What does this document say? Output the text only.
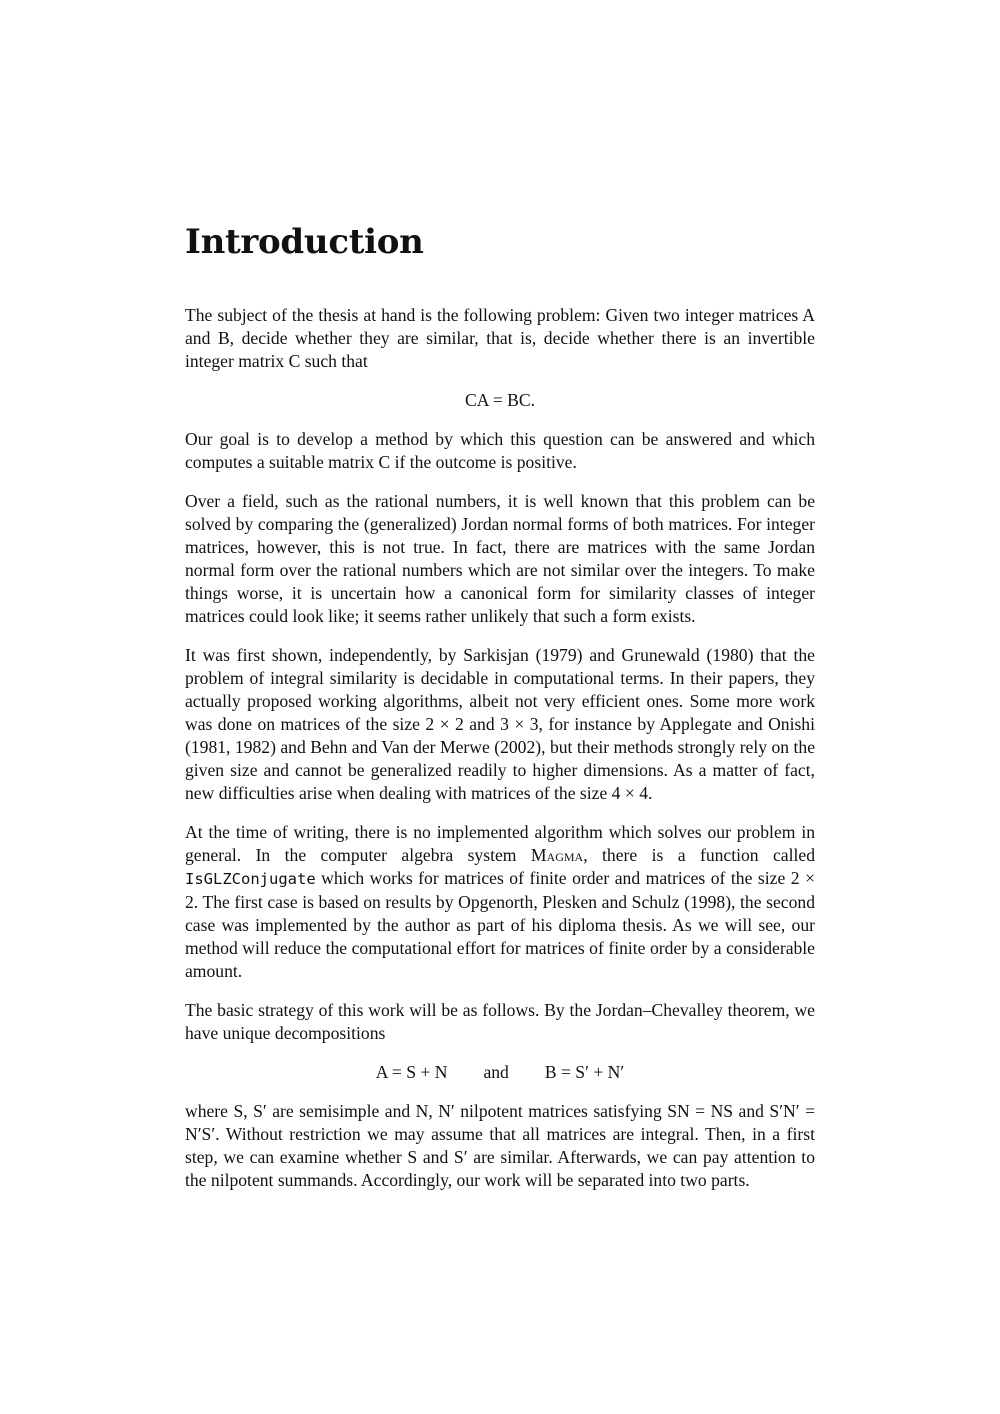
Introduction

The subject of the thesis at hand is the following problem: Given two integer matrices A and B, decide whether they are similar, that is, decide whether there is an invertible integer matrix C such that

CA = BC.

Our goal is to develop a method by which this question can be answered and which computes a suitable matrix C if the outcome is positive.

Over a field, such as the rational numbers, it is well known that this problem can be solved by comparing the (generalized) Jordan normal forms of both matrices. For integer matrices, however, this is not true. In fact, there are matrices with the same Jordan normal form over the rational numbers which are not similar over the integers. To make things worse, it is uncertain how a canonical form for similarity classes of integer matrices could look like; it seems rather unlikely that such a form exists.

It was first shown, independently, by Sarkisjan (1979) and Grunewald (1980) that the problem of integral similarity is decidable in computational terms. In their papers, they actually proposed working algorithms, albeit not very efficient ones. Some more work was done on matrices of the size 2 × 2 and 3 × 3, for instance by Applegate and Onishi (1981, 1982) and Behn and Van der Merwe (2002), but their methods strongly rely on the given size and cannot be generalized readily to higher dimensions. As a matter of fact, new difficulties arise when dealing with matrices of the size 4 × 4.

At the time of writing, there is no implemented algorithm which solves our problem in general. In the computer algebra system Magma, there is a function called IsGLZConjugate which works for matrices of finite order and matrices of the size 2 × 2. The first case is based on results by Opgenorth, Plesken and Schulz (1998), the second case was implemented by the author as part of his diploma thesis. As we will see, our method will reduce the computational effort for matrices of finite order by a considerable amount.

The basic strategy of this work will be as follows. By the Jordan–Chevalley theorem, we have unique decompositions

A = S + N and B = S′ + N′

where S, S′ are semisimple and N, N′ nilpotent matrices satisfying SN = NS and S′N′ = N′S′. Without restriction we may assume that all matrices are integral. Then, in a first step, we can examine whether S and S′ are similar. Afterwards, we can pay attention to the nilpotent summands. Accordingly, our work will be separated into two parts.
